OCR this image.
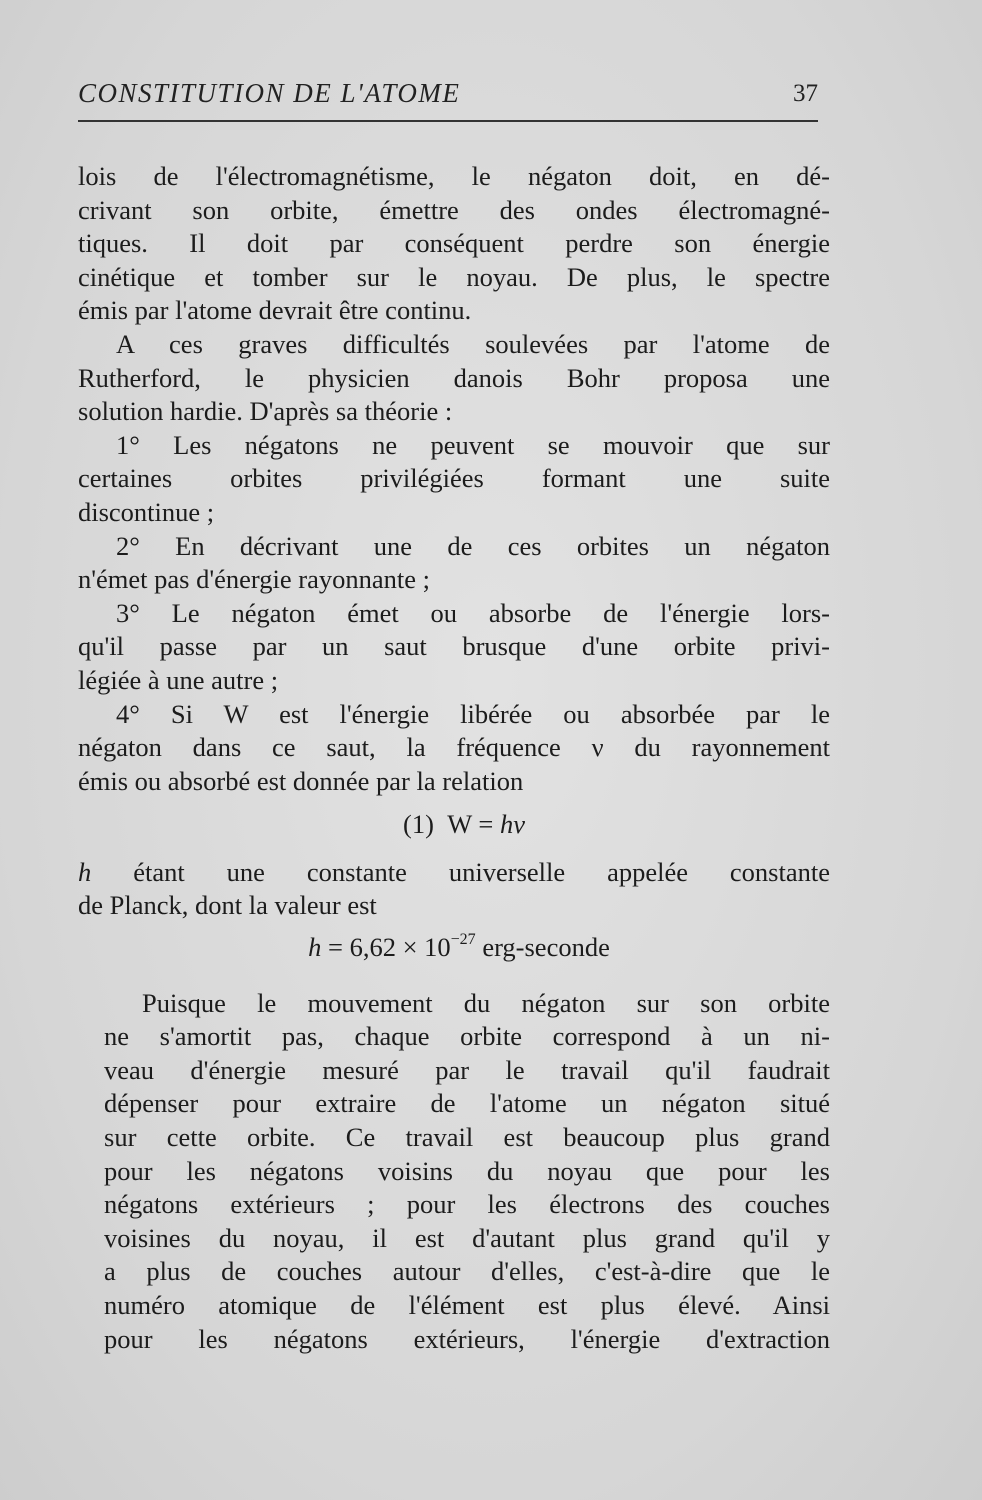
CONSTITUTION DE L'ATOME	37
lois de l'électromagnétisme, le négaton doit, en dé-
crivant son orbite, émettre des ondes électromagné-
tiques. Il doit par conséquent perdre son énergie
cinétique et tomber sur le noyau. De plus, le spectre
émis par l'atome devrait être continu.
A ces graves difficultés soulevées par l'atome de
Rutherford, le physicien danois Bohr proposa une
solution hardie. D'après sa théorie :
1° Les négatons ne peuvent se mouvoir que sur
certaines orbites privilégiées formant une suite
discontinue ;
2° En décrivant une de ces orbites un négaton
n'émet pas d'énergie rayonnante ;
3° Le négaton émet ou absorbe de l'énergie lors-
qu'il passe par un saut brusque d'une orbite privi-
légiée à une autre ;
4° Si W est l'énergie libérée ou absorbée par le
négaton dans ce saut, la fréquence ν du rayonnement
émis ou absorbé est donnée par la relation
(1) W = hν
h étant une constante universelle appelée constante
de Planck, dont la valeur est
$h = 6,62 \times 10^{-27}$ erg-seconde
Puisque le mouvement du négaton sur son orbite
ne s'amortit pas, chaque orbite correspond à un ni-
veau d'énergie mesuré par le travail qu'il faudrait
dépenser pour extraire de l'atome un négaton situé
sur cette orbite. Ce travail est beaucoup plus grand
pour les négatons voisins du noyau que pour les
négatons extérieurs ; pour les électrons des couches
voisines du noyau, il est d'autant plus grand qu'il y
a plus de couches autour d'elles, c'est-à-dire que le
numéro atomique de l'élément est plus élevé. Ainsi
pour les négatons extérieurs, l'énergie d'extraction
